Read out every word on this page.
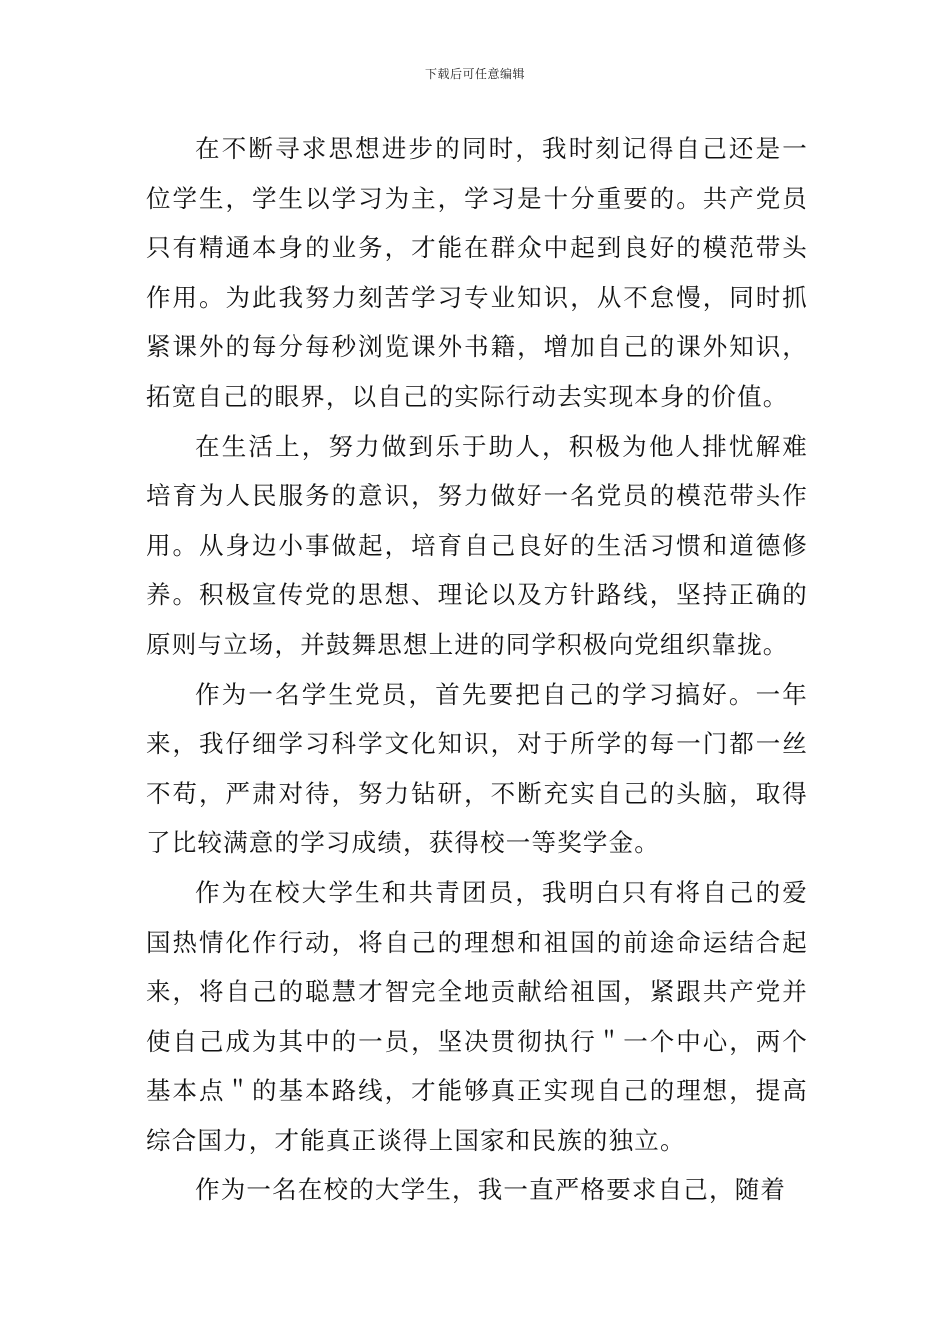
下载后可任意编辑

在不断寻求思想进步的同时，我时刻记得自己还是一位学生，学生以学习为主，学习是十分重要的。共产党员只有精通本身的业务，才能在群众中起到良好的模范带头作用。为此我努力刻苦学习专业知识，从不怠慢，同时抓紧课外的每分每秒浏览课外书籍，增加自己的课外知识，拓宽自己的眼界，以自己的实际行动去实现本身的价值。

在生活上，努力做到乐于助人，积极为他人排忧解难培育为人民服务的意识，努力做好一名党员的模范带头作用。从身边小事做起，培育自己良好的生活习惯和道德修养。积极宣传党的思想、理论以及方针路线，坚持正确的原则与立场，并鼓舞思想上进的同学积极向党组织靠拢。

作为一名学生党员，首先要把自己的学习搞好。一年来，我仔细学习科学文化知识，对于所学的每一门都一丝不苟，严肃对待，努力钻研，不断充实自己的头脑，取得了比较满意的学习成绩，获得校一等奖学金。

作为在校大学生和共青团员，我明白只有将自己的爱国热情化作行动，将自己的理想和祖国的前途命运结合起来，将自己的聪慧才智完全地贡献给祖国，紧跟共产党并使自己成为其中的一员，坚决贯彻执行＂一个中心，两个基本点＂的基本路线，才能够真正实现自己的理想，提高综合国力，才能真正谈得上国家和民族的独立。

作为一名在校的大学生，我一直严格要求自己，随着
